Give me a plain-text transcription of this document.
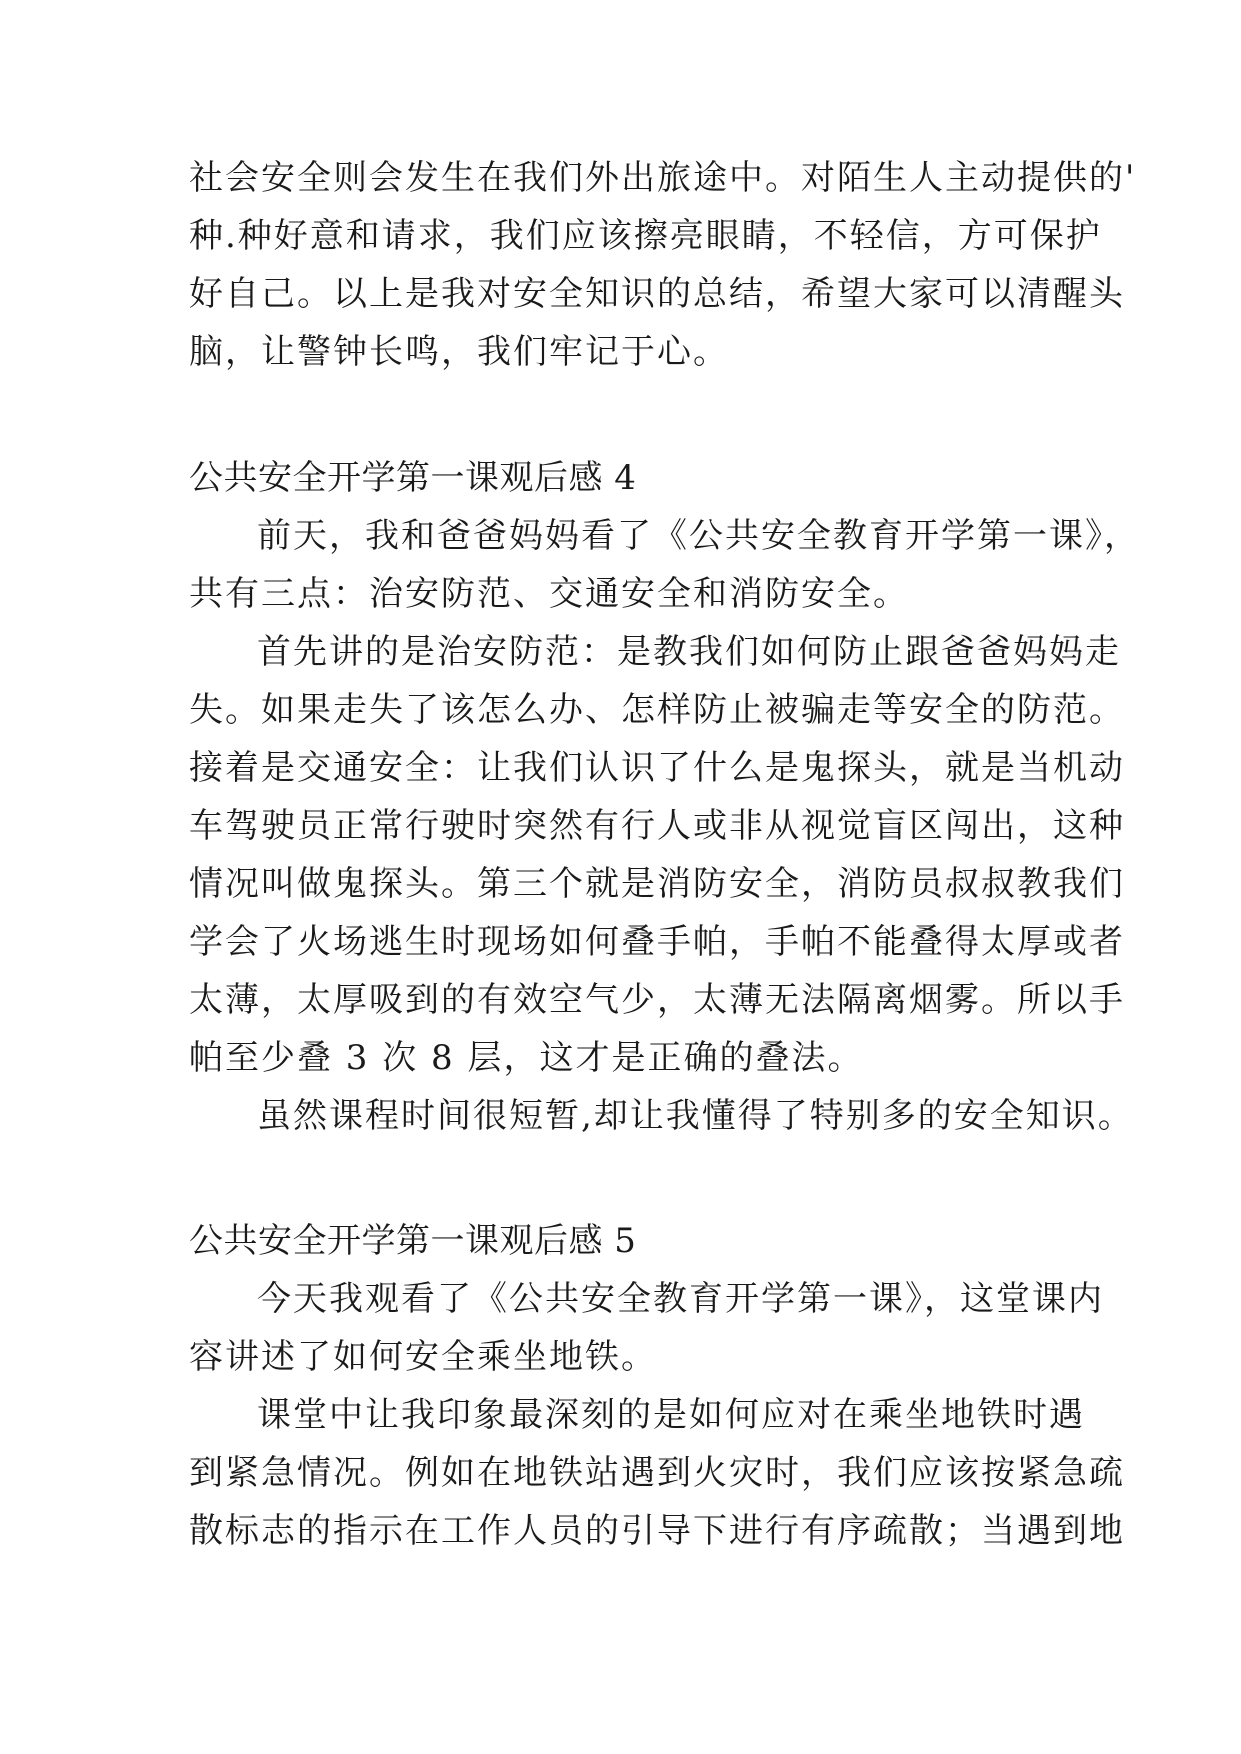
社会安全则会发生在我们外出旅途中。对陌生人主动提供的'
种.种好意和请求，我们应该擦亮眼睛，不轻信，方可保护
好自己。以上是我对安全知识的总结，希望大家可以清醒头
脑，让警钟长鸣，我们牢记于心。
公共安全开学第一课观后感 4
前天，我和爸爸妈妈看了《公共安全教育开学第一课》，
共有三点：治安防范、交通安全和消防安全。
首先讲的是治安防范：是教我们如何防止跟爸爸妈妈走
失。如果走失了该怎么办、怎样防止被骗走等安全的防范。
接着是交通安全：让我们认识了什么是鬼探头，就是当机动
车驾驶员正常行驶时突然有行人或非从视觉盲区闯出，这种
情况叫做鬼探头。第三个就是消防安全，消防员叔叔教我们
学会了火场逃生时现场如何叠手帕，手帕不能叠得太厚或者
太薄，太厚吸到的有效空气少，太薄无法隔离烟雾。所以手
帕至少叠 3 次 8 层，这才是正确的叠法。
虽然课程时间很短暂,却让我懂得了特别多的安全知识。
公共安全开学第一课观后感 5
今天我观看了《公共安全教育开学第一课》，这堂课内
容讲述了如何安全乘坐地铁。
课堂中让我印象最深刻的是如何应对在乘坐地铁时遇
到紧急情况。例如在地铁站遇到火灾时，我们应该按紧急疏
散标志的指示在工作人员的引导下进行有序疏散；当遇到地
